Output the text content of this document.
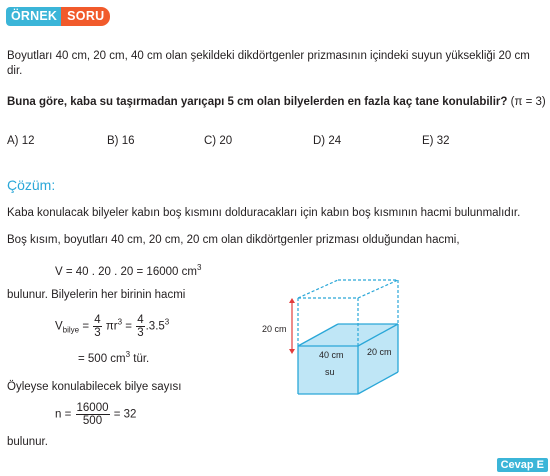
ÖRNEK SORU
Boyutları 40 cm, 20 cm, 40 cm olan şekildeki dikdörtgenler prizmasının içindeki suyun yüksekliği 20 cm
dir.
Buna göre, kaba su taşırmadan yarıçapı 5 cm olan bilyelerden en fazla kaç tane konulabilir? (π = 3)
A) 12	B) 16	C) 20	D) 24	E) 32
Çözüm:
Kaba konulacak bilyeler kabın boş kısmını dolduracakları için kabın boş kısmının hacmi bulunmalıdır.
Boş kısım, boyutları 40 cm, 20 cm, 20 cm olan dikdörtgenler prizması olduğundan hacmi,
V = 40 . 20 . 20 = 16000 $cm^3$
bulunur. Bilyelerin her birinin hacmi
$V_{bilye} = \frac{4}{3} \pi r^3 = \frac{4}{3} .3.5^3$
= 500 $cm^3$ tür.
Öyleyse konulabilecek bilye sayısı
$n = \frac{16000}{500} = 32$
bulunur.
20 cm
40 cm
su
20 cm
Cevap E
